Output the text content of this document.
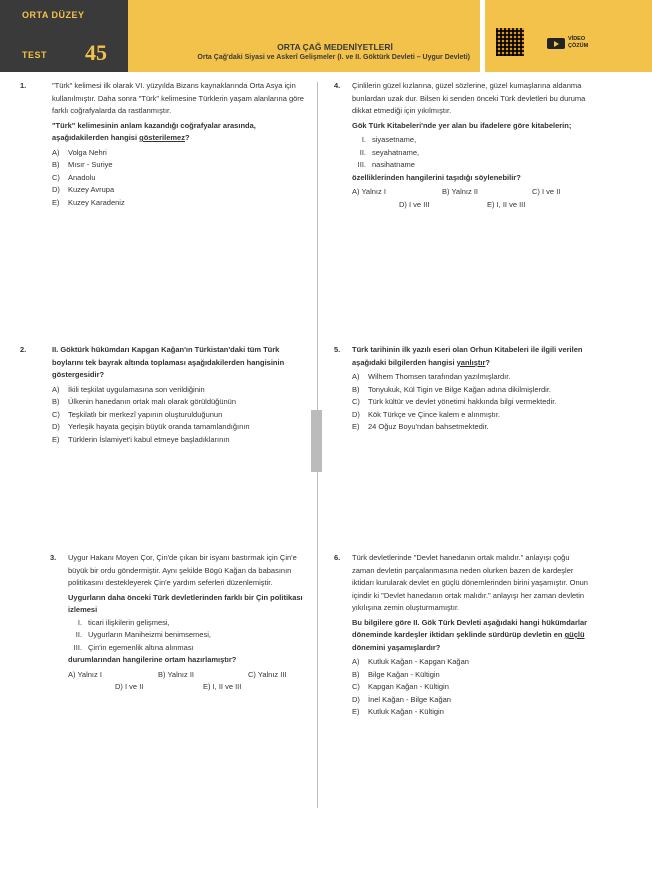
ORTA DÜZEY
TEST 45	ORTA ÇAĞ MEDENİYETLERİ
Orta Çağ'daki Siyasi ve Askerî Gelişmeler (I. ve II. Göktürk Devleti – Uygur Devleti)
VİDEO
ÇÖZÜM
1.	"Türk" kelimesi ilk olarak VI. yüzyılda Bizans kaynaklarında Orta Asya için kullanılmıştır. Daha sonra "Türk" kelimesine Türklerin yaşam alanlarına göre farklı coğrafyalarda da rastlanmıştır.

"Türk" kelimesinin anlam kazandığı coğrafyalar arasında, aşağıdakilerden hangisi gösterilemez?

A)	Volga Nehri
B)	Mısır - Suriye
C)	Anadolu
D)	Kuzey Avrupa
E)	Kuzey Karadeniz
2.	II. Göktürk hükümdarı Kapgan Kağan'ın Türkistan'daki tüm Türk boylarını tek bayrak altında toplaması aşağıdakilerden hangisinin göstergesidir?

A)	İkili teşkilat uygulamasına son verildiğinin
B)	Ülkenin hanedanın ortak malı olarak görüldüğünün
C)	Teşkilatlı bir merkezî yapının oluşturulduğunun
D)	Yerleşik hayata geçişin büyük oranda tamamlandığının
E)	Türklerin İslamiyet'i kabul etmeye başladıklarının
3. Uygur Hakanı Moyen Çor, Çin'de çıkan bir isyanı bastırmak için Çin'e büyük bir ordu göndermiştir. Aynı şekilde Bögü Kağan da babasının politikasını destekleyerek Çin'e yardım seferleri düzenlemiştir.

Uygurların daha önceki Türk devletlerinden farklı bir Çin politikası izlemesi

I. ticari ilişkilerin gelişmesi,
II. Uygurların Maniheizmi benimsemesi,
III. Çin'in egemenlik altına alınması

durumlarından hangilerine ortam hazırlamıştır?

A) Yalnız I	B) Yalnız II	C) Yalnız III
D) I ve II	E) I, II ve III
4. Çinlilerin güzel kızlarına, güzel sözlerine, güzel kumaşlarına aldanma bunlardan uzak dur. Bilsen ki senden önceki Türk devletleri bu duruma dikkat etmediği için yıkılmıştır.

Gök Türk Kitabeleri'nde yer alan bu ifadelere göre kitabelerin;

I. siyasetname,
II. seyahatname,
III. nasihatname

özelliklerinden hangilerini taşıdığı söylenebilir?

A) Yalnız I	B) Yalnız II	C) I ve II
D) I ve III	E) I, II ve III
5. Türk tarihinin ilk yazılı eseri olan Orhun Kitabeleri ile ilgili verilen aşağıdaki bilgilerden hangisi yanlıştır?

A)	Wilhem Thomsen tarafından yazılmışlardır.
B)	Tonyukuk, Kül Tigin ve Bilge Kağan adına dikilmişlerdir.
C)	Türk kültür ve devlet yönetimi hakkında bilgi vermektedir.
D)	Kök Türkçe ve Çince kalem e alınmıştır.
E)	24 Oğuz Boyu'ndan bahsetmektedir.
6. Türk devletlerinde "Devlet hanedanın ortak malıdır." anlayışı çoğu zaman devletin parçalanmasına neden olurken bazen de kardeşler iktidarı kurularak devlet en güçlü dönemlerinden birini yaşamıştır. Onun içindir ki "Devlet hanedanın ortak malıdır." anlayışı her zaman devletin yıkılışına zemin oluşturmamıştır.

Bu bilgilere göre II. Gök Türk Devleti aşağıdaki hangi hükümdarlar döneminde kardeşler iktidarı şeklinde sürdürüp devletin en güçlü dönemini yaşamışlardır?

A)	Kutluk Kağan - Kapgan Kağan
B)	Bilge Kağan - Kültigin
C)	Kapgan Kağan - Kültigin
D)	İnel Kağan - Bilge Kağan
E)	Kutluk Kağan - Kültigin
